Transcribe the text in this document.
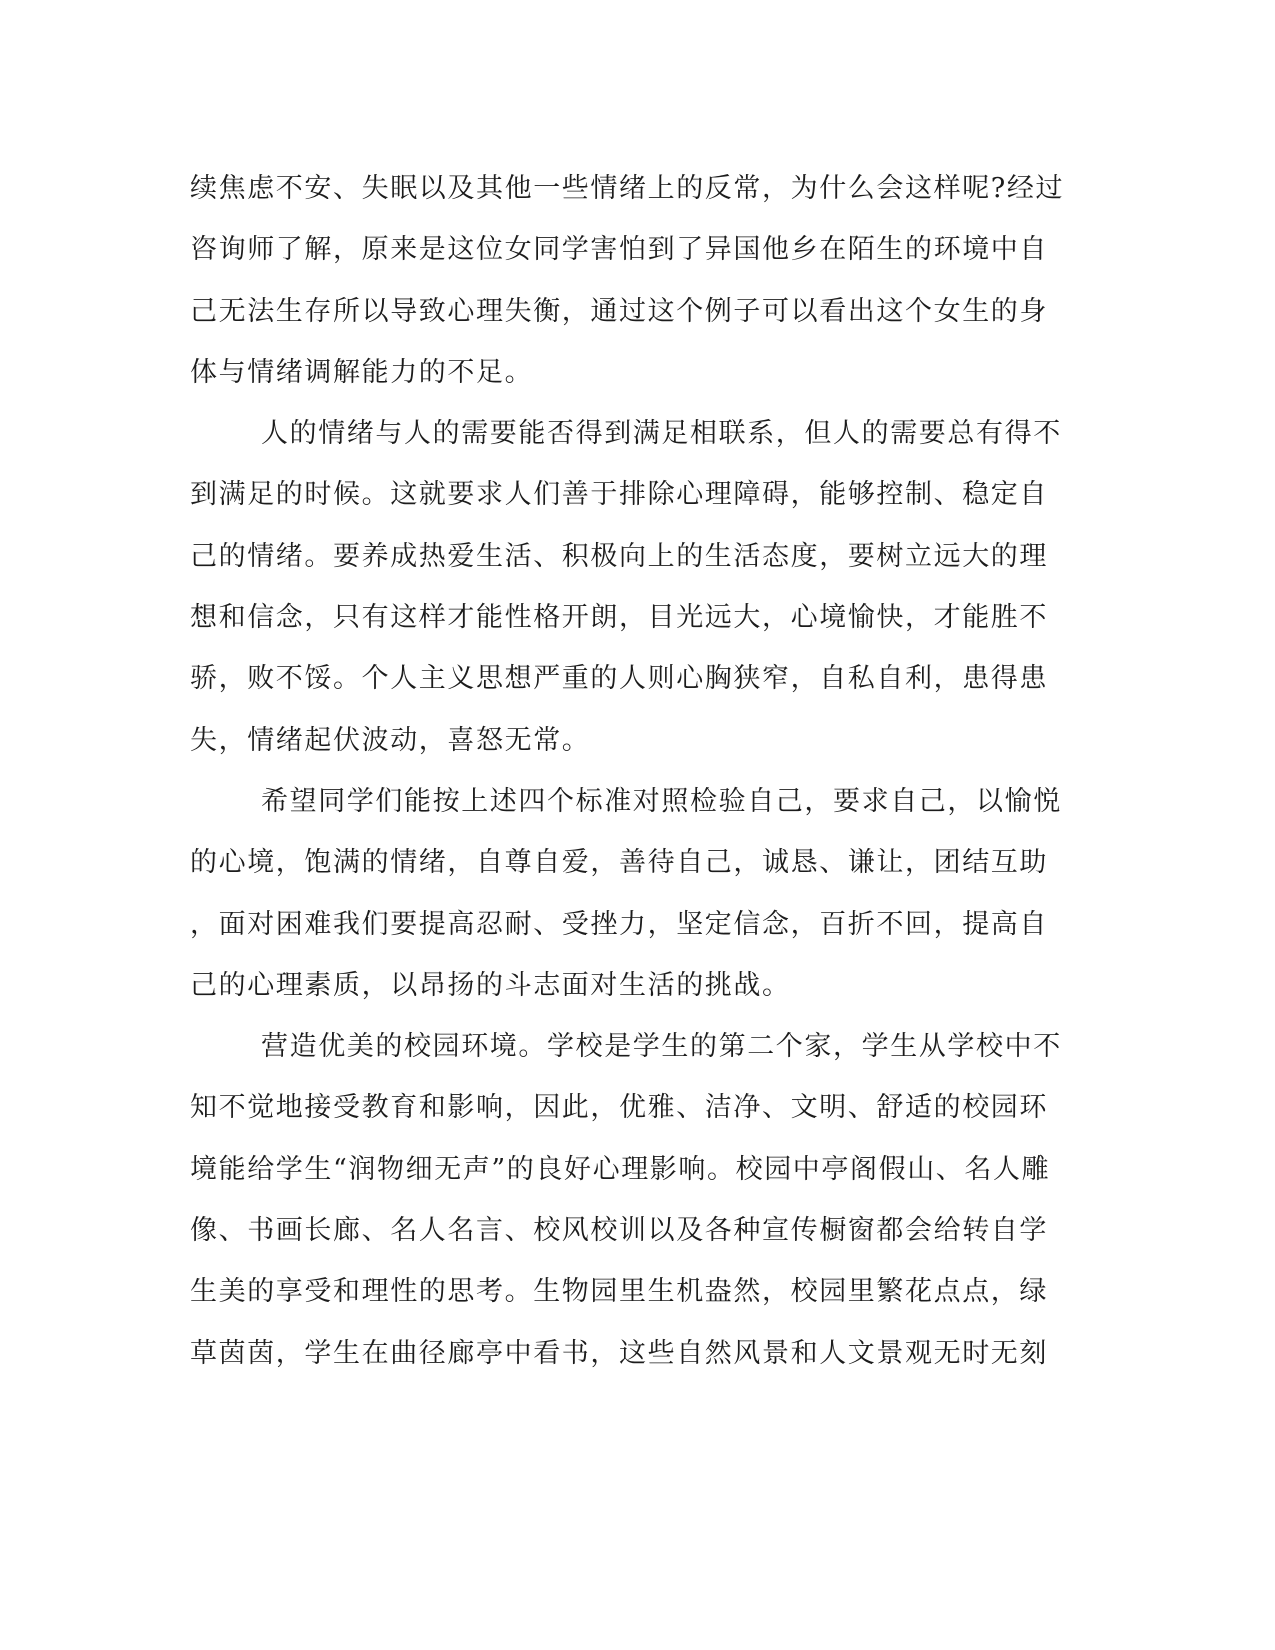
续焦虑不安、失眠以及其他一些情绪上的反常，为什么会这样呢?经过
咨询师了解，原来是这位女同学害怕到了异国他乡在陌生的环境中自
己无法生存所以导致心理失衡，通过这个例子可以看出这个女生的身
体与情绪调解能力的不足。
人的情绪与人的需要能否得到满足相联系，但人的需要总有得不
到满足的时候。这就要求人们善于排除心理障碍，能够控制、稳定自
己的情绪。要养成热爱生活、积极向上的生活态度，要树立远大的理
想和信念，只有这样才能性格开朗，目光远大，心境愉快，才能胜不
骄，败不馁。个人主义思想严重的人则心胸狭窄，自私自利，患得患
失，情绪起伏波动，喜怒无常。
希望同学们能按上述四个标准对照检验自己，要求自己，以愉悦
的心境，饱满的情绪，自尊自爱，善待自己，诚恳、谦让，团结互助
，面对困难我们要提高忍耐、受挫力，坚定信念，百折不回，提高自
己的心理素质，以昂扬的斗志面对生活的挑战。
营造优美的校园环境。学校是学生的第二个家，学生从学校中不
知不觉地接受教育和影响，因此，优雅、洁净、文明、舒适的校园环
境能给学生“润物细无声”的良好心理影响。校园中亭阁假山、名人雕
像、书画长廊、名人名言、校风校训以及各种宣传橱窗都会给转自学
生美的享受和理性的思考。生物园里生机盎然，校园里繁花点点，绿
草茵茵，学生在曲径廊亭中看书，这些自然风景和人文景观无时无刻
